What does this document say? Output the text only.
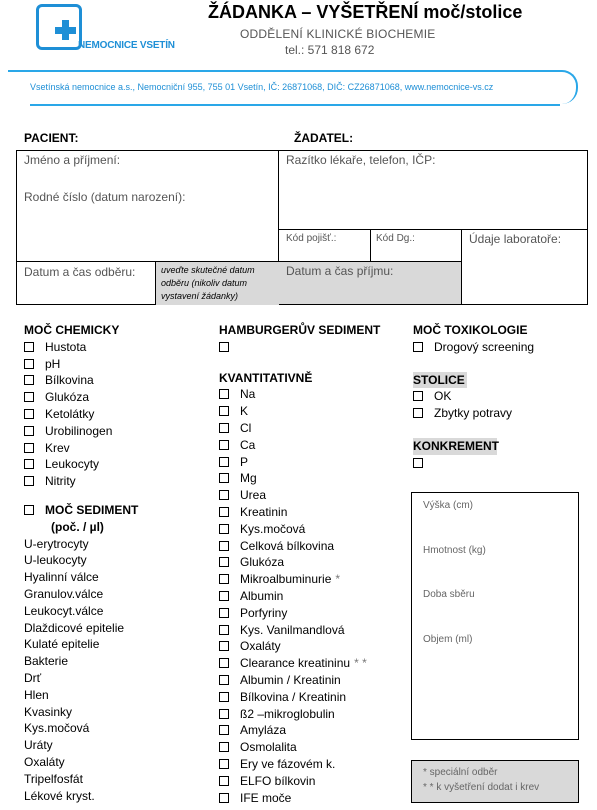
NEMOCNICE VSETÍN
ŽÁDANKA – VYŠETŘENÍ moč/stolice
ODDĚLENÍ KLINICKÉ BIOCHEMIE
tel.: 571 818 672
Vsetínská nemocnice a.s., Nemocniční 955, 755 01 Vsetín, IČ: 26871068, DIČ: CZ26871068, www.nemocnice-vs.cz
PACIENT:	ŽADATEL:
Jméno a příjmení:
Rodné číslo (datum narození):
Datum a čas odběru:	uveďte skutečné datum odběru (nikoliv datum vystavení žádanky)
Razítko lékaře, telefon, IČP:
Kód pojišť.:	Kód Dg.:	Údaje laboratoře:
Datum a čas příjmu:
MOČ CHEMICKY
Hustota
pH
Bílkovina
Glukóza
Ketolátky
Urobilinogen
Krev
Leukocyty
Nitrity
MOČ SEDIMENT
(poč. / µl)
U-erytrocyty
U-leukocyty
Hyalinní válce
Granulov.válce
Leukocyt.válce
Dlaždicové epitelie
Kulaté epitelie
Bakterie
Drť
Hlen
Kvasinky
Kys.močová
Uráty
Oxaláty
Tripelfosfát
Lékové kryst.
HAMBURGERŮV SEDIMENT
KVANTITATIVNĚ
Na
K
Cl
Ca
P
Mg
Urea
Kreatinin
Kys.močová
Celková bílkovina
Glukóza
Mikroalbuminurie *
Albumin
Porfyriny
Kys. Vanilmandlová
Oxaláty
Clearance kreatininu * *
Albumin / Kreatinin
Bílkovina / Kreatinin
ß2 –mikroglobulin
Amyláza
Osmolalita
Ery ve fázovém k.
ELFO bílkovin
IFE moče
MOČ TOXIKOLOGIE
Drogový screening
STOLICE
OK
Zbytky potravy
KONKREMENT
Výška (cm)
Hmotnost (kg)
Doba sběru
Objem (ml)
* speciální odběr
* * k vyšetření dodat i krev
